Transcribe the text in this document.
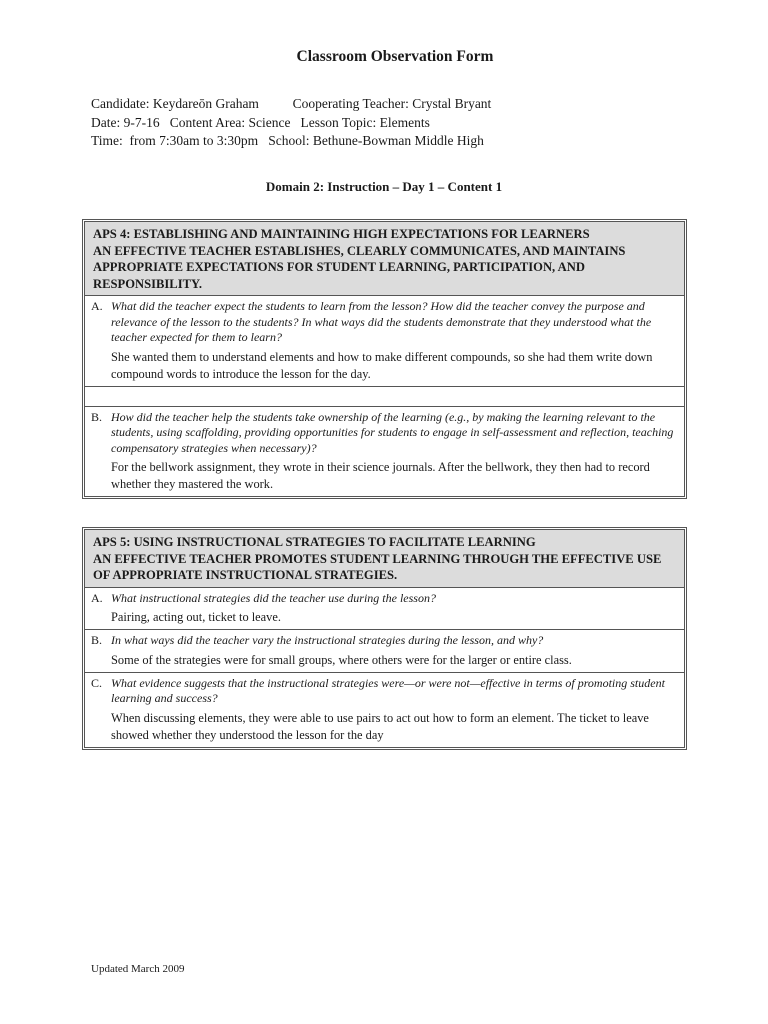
Classroom Observation Form
Candidate: Keydareōn Graham          Cooperating Teacher: Crystal Bryant
Date: 9-7-16   Content Area: Science   Lesson Topic: Elements
Time:  from 7:30am to 3:30pm   School: Bethune-Bowman Middle High
Domain 2: Instruction – Day 1 – Content 1
APS 4: ESTABLISHING AND MAINTAINING HIGH EXPECTATIONS FOR LEARNERS
AN EFFECTIVE TEACHER ESTABLISHES, CLEARLY COMMUNICATES, AND MAINTAINS APPROPRIATE EXPECTATIONS FOR STUDENT LEARNING, PARTICIPATION, AND RESPONSIBILITY.
A. What did the teacher expect the students to learn from the lesson? How did the teacher convey the purpose and relevance of the lesson to the students? In what ways did the students demonstrate that they understood what the teacher expected for them to learn?
She wanted them to understand elements and how to make different compounds, so she had them write down compound words to introduce the lesson for the day.
B. How did the teacher help the students take ownership of the learning (e.g., by making the learning relevant to the students, using scaffolding, providing opportunities for students to engage in self-assessment and reflection, teaching compensatory strategies when necessary)?
For the bellwork assignment, they wrote in their science journals. After the bellwork, they then had to record whether they mastered the work.
APS 5: USING INSTRUCTIONAL STRATEGIES TO FACILITATE LEARNING
AN EFFECTIVE TEACHER PROMOTES STUDENT LEARNING THROUGH THE EFFECTIVE USE OF APPROPRIATE INSTRUCTIONAL STRATEGIES.
A. What instructional strategies did the teacher use during the lesson?
Pairing, acting out, ticket to leave.
B. In what ways did the teacher vary the instructional strategies during the lesson, and why?
Some of the strategies were for small groups, where others were for the larger or entire class.
C. What evidence suggests that the instructional strategies were—or were not—effective in terms of promoting student learning and success?
When discussing elements, they were able to use pairs to act out how to form an element. The ticket to leave showed whether they understood the lesson for the day
Updated March 2009
